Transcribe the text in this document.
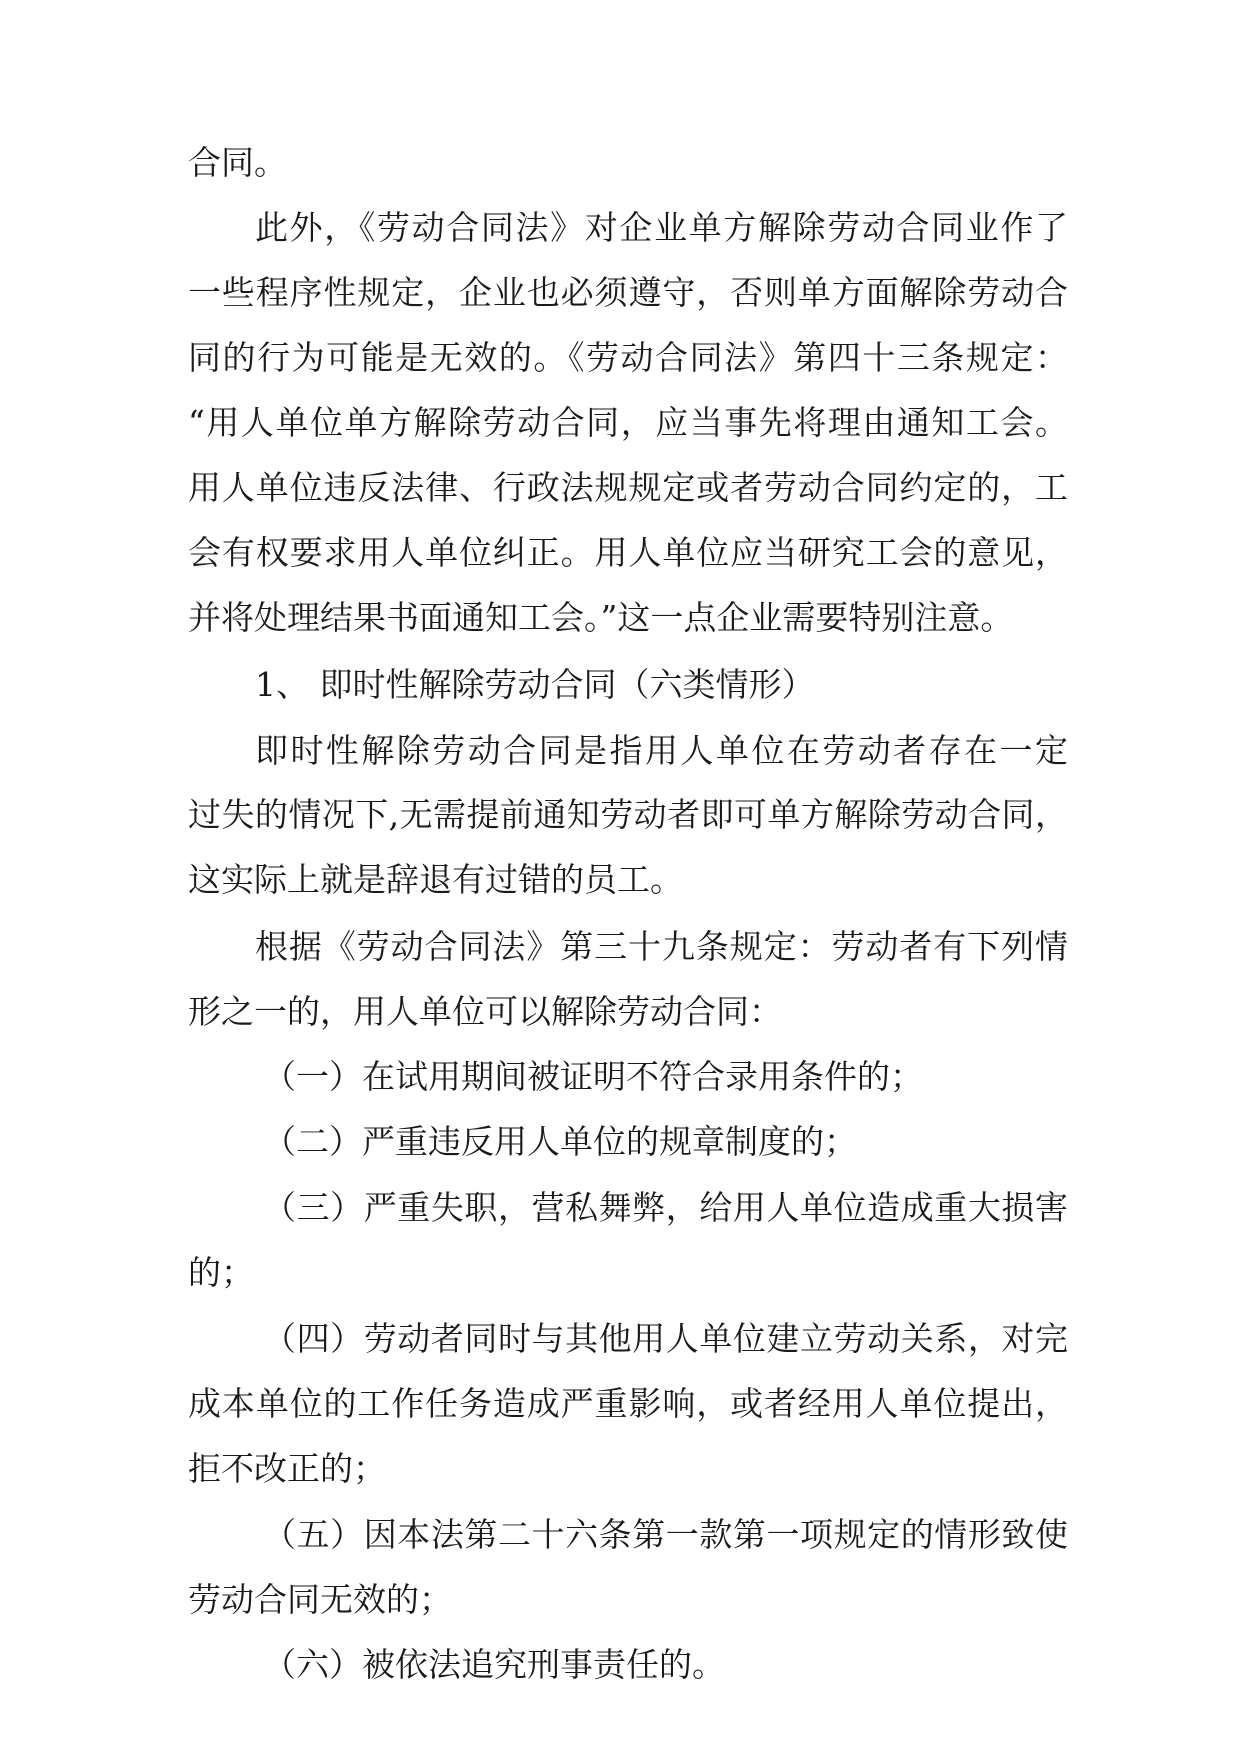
合同。
此外，《劳动合同法》对企业单方解除劳动合同业作了
一些程序性规定，企业也必须遵守，否则单方面解除劳动合
同的行为可能是无效的。《劳动合同法》第四十三条规定：
“用人单位单方解除劳动合同，应当事先将理由通知工会。
用人单位违反法律、行政法规规定或者劳动合同约定的，工
会有权要求用人单位纠正。用人单位应当研究工会的意见，
并将处理结果书面通知工会。”这一点企业需要特别注意。
1、 即时性解除劳动合同（六类情形）
即时性解除劳动合同是指用人单位在劳动者存在一定
过失的情况下,无需提前通知劳动者即可单方解除劳动合同，
这实际上就是辞退有过错的员工。
根据《劳动合同法》第三十九条规定：劳动者有下列情
形之一的，用人单位可以解除劳动合同：
（一）在试用期间被证明不符合录用条件的；
（二）严重违反用人单位的规章制度的；
（三）严重失职，营私舞弊，给用人单位造成重大损害
的；
（四）劳动者同时与其他用人单位建立劳动关系，对完
成本单位的工作任务造成严重影响，或者经用人单位提出，
拒不改正的；
（五）因本法第二十六条第一款第一项规定的情形致使
劳动合同无效的；
（六）被依法追究刑事责任的。
